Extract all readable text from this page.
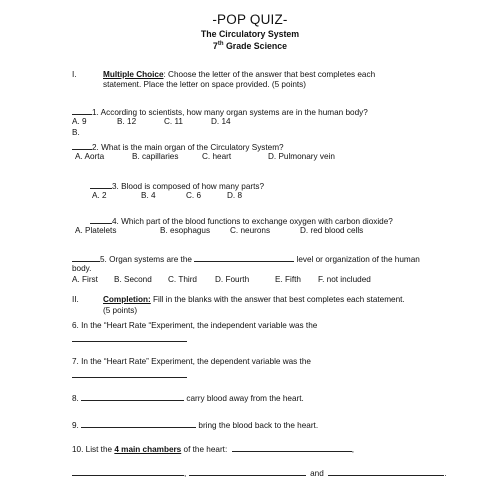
-POP QUIZ-
The Circulatory System
7th Grade Science
I.	Multiple Choice: Choose the letter of the answer that best completes each
statement. Place the letter on space provided. (5 points)
1. According to scientists, how many organ systems are in the human body?
A. 9	B. 12	C. 11	D. 14
B.
2. What is the main organ of the Circulatory System?
A. Aorta	B. capillaries	C. heart	D. Pulmonary vein
3. Blood is composed of how many parts?
A. 2	B. 4	C. 6	D. 8
4. Which part of the blood functions to exchange oxygen with carbon dioxide?
A. Platelets	B. esophagus C. neurons	D. red blood cells
5. Organ systems are the	level or organization of the human
body.
A. First B. Second C. Third D. Fourth	E. Fifth F. not included
II.	Completion: Fill in the blanks with the answer that best completes each statement.
(5 points)
6. In the “Heart Rate “Experiment, the independent variable was the
7. In the “Heart Rate” Experiment, the dependent variable was the
8.	carry blood away from the heart.
9.	bring the blood back to the heart.
10. List the 4 main chambers of the heart:	,
,	and	.
